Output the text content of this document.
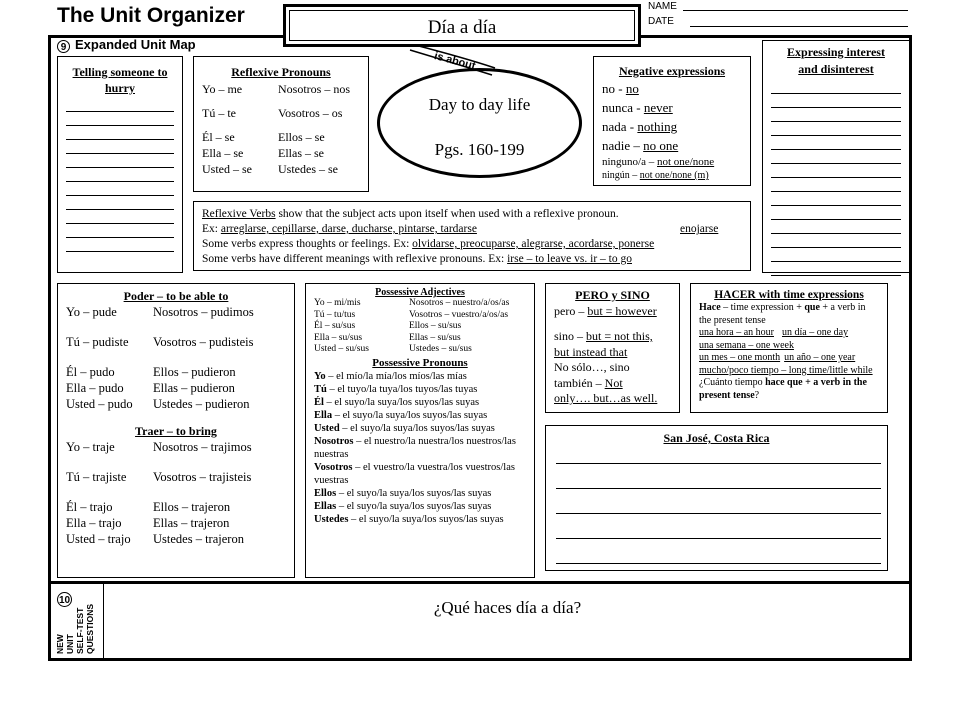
The Unit Organizer
Día a día
NAME
DATE
9 Expanded Unit Map
is about...
Day to day life
Pgs. 160-199
Telling someone to
hurry
Reflexive Pronouns
Yo – me	Nosotros – nos
Tú – te	Vosotros – os
Él – se	Ellos – se
Ella – se	Ellas – se
Usted – se	Ustedes – se
Negative expressions
no - no
nunca - never
nada - nothing
nadie – no one
ninguno/a – not one/none
ningún – not one/none (m)
Expressing interest
and disinterest
Reflexive Verbs show that the subject acts upon itself when used with a reflexive pronoun.
Ex: arreglarse, cepillarse, darse, ducharse, pintarse, tardarse	enojarse
Some verbs express thoughts or feelings. Ex: olvidarse, preocuparse, alegrarse, acordarse, ponerse
Some verbs have different meanings with reflexive pronouns. Ex: irse – to leave vs. ir – to go
Poder – to be able to
Yo – pude	Nosotros – pudimos
Tú – pudiste	Vosotros – pudisteis
Él – pudo	Ellos – pudieron
Ella – pudo	Ellas – pudieron
Usted – pudo	Ustedes – pudieron
Traer – to bring
Yo – traje	Nosotros – trajimos
Tú – trajiste	Vosotros – trajisteis
Él – trajo	Ellos – trajeron
Ella – trajo	Ellas – trajeron
Usted – trajo	Ustedes – trajeron
Possessive Adjectives
Yo – mi/mis	Nosotros – nuestro/a/os/as
Tú – tu/tus	Vosotros – vuestro/a/os/as
Él – su/sus	Ellos – su/sus
Ella – su/sus	Ellas – su/sus
Usted – su/sus	Ustedes – su/sus
Possessive Pronouns
Yo – el mío/la mía/los míos/las mías
Tú – el tuyo/la tuya/los tuyos/las tuyas
Él – el suyo/la suya/los suyos/las suyas
Ella – el suyo/la suya/los suyos/las suyas
Usted – el suyo/la suya/los suyos/las suyas
Nosotros – el nuestro/la nuestra/los nuestros/las nuestras
Vosotros – el vuestro/la vuestra/los vuestros/las vuestras
Ellos – el suyo/la suya/los suyos/las suyas
Ellas – el suyo/la suya/los suyos/las suyas
Ustedes – el suyo/la suya/los suyos/las suyas
PERO y SINO
pero – but = however
sino – but = not this,
but instead that
No sólo…, sino
también – Not
only…. but…as well.
HACER with time expressions
Hace – time expression + que + a verb in
the present tense
una hora – an hour un día – one day
una semana – one week
un mes – one month un año – one year
mucho/poco tiempo – long time/little while
¿Cuánto tiempo hace que + a verb in the
present tense?
San José, Costa Rica
10
NEW UNIT SELF-TEST QUESTIONS	¿Qué haces día a día?
